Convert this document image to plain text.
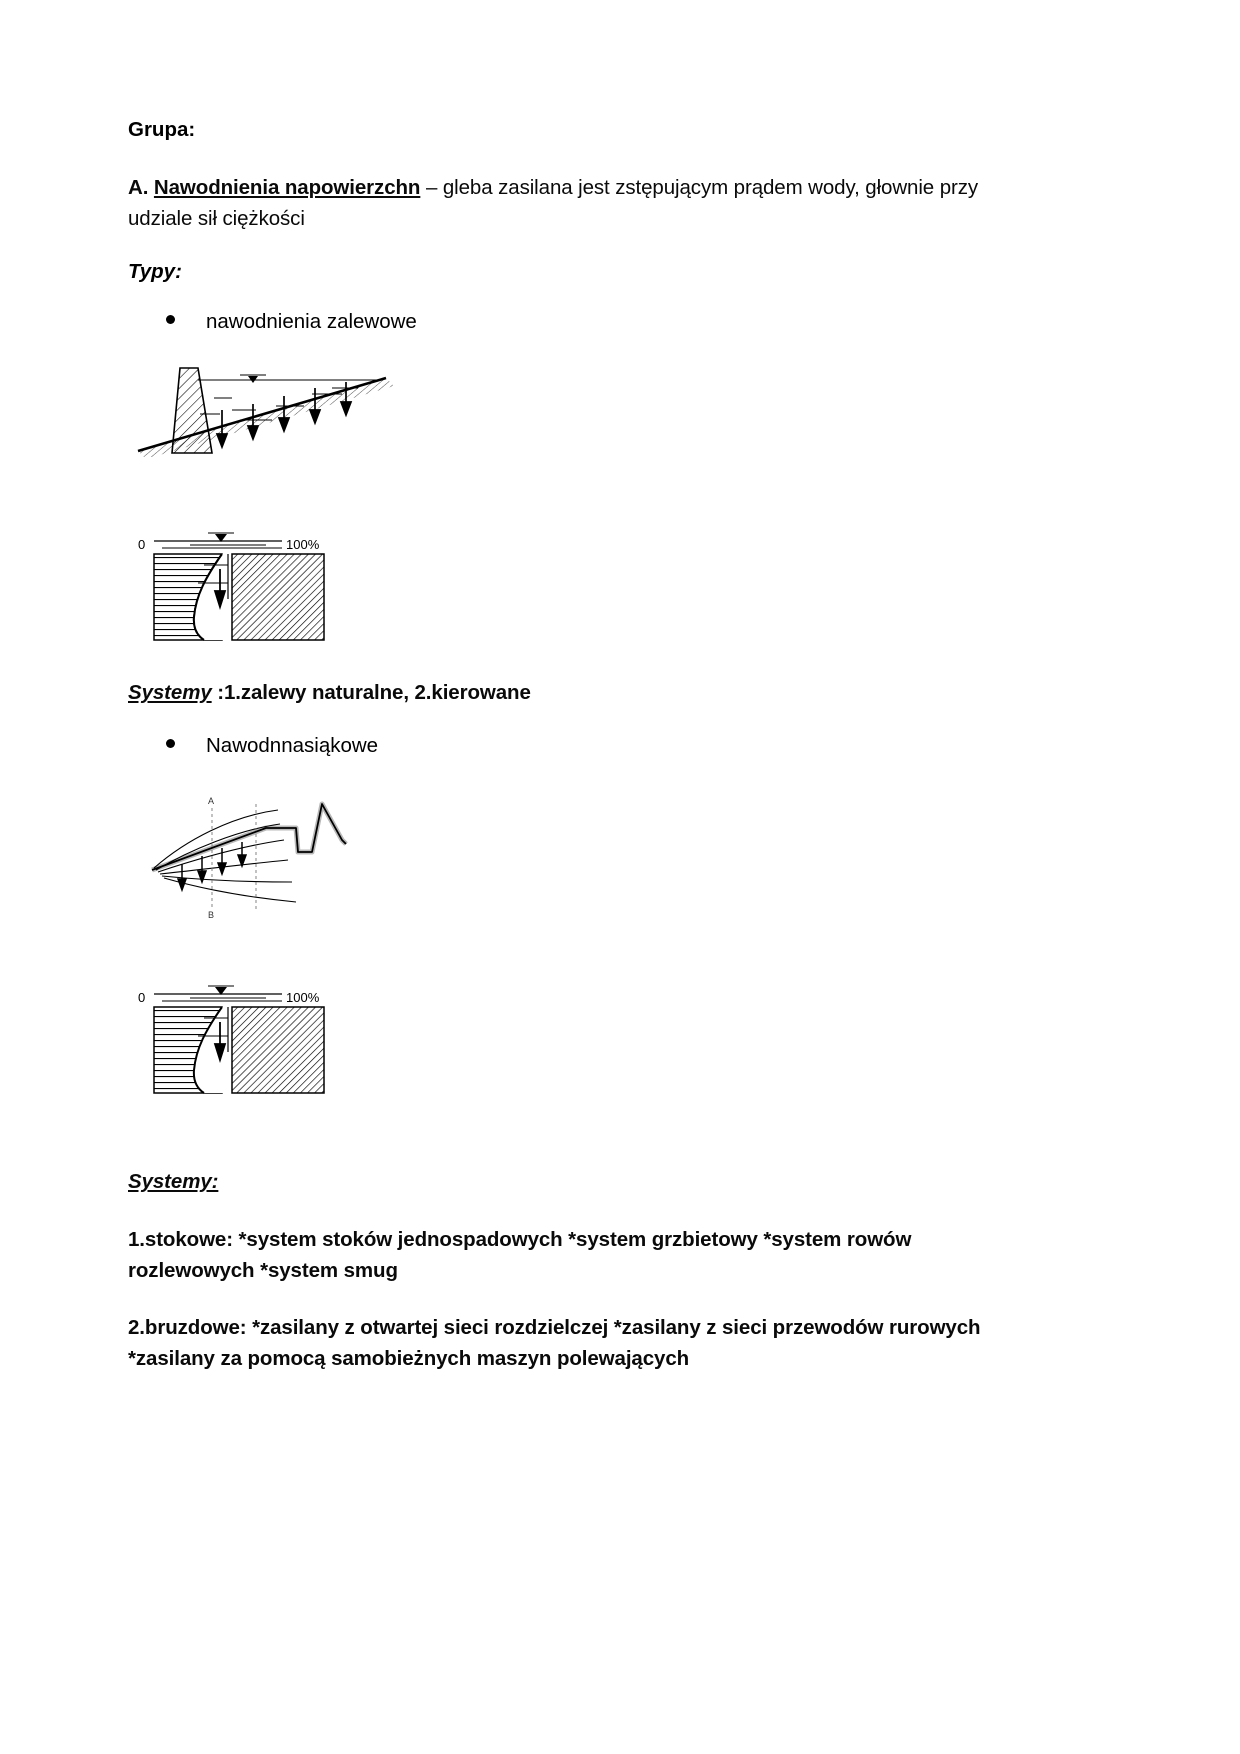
Grupa:

A. Nawodnienia napowierzchn – gleba zasilana jest zstępującym prądem wody, głownie przy udziale sił ciężkości

Typy:
nawodnienia zalewowe
0	100%

Systemy :1.zalewy naturalne, 2.kierowane

Nawodnnasiąkowe
A
B
0	100%

Systemy:

1.stokowe: *system stoków jednospadowych *system grzbietowy *system rowów rozlewowych *system smug

2.bruzdowe: *zasilany z otwartej sieci rozdzielczej *zasilany z sieci przewodów rurowych *zasilany za pomocą samobieżnych maszyn polewających
